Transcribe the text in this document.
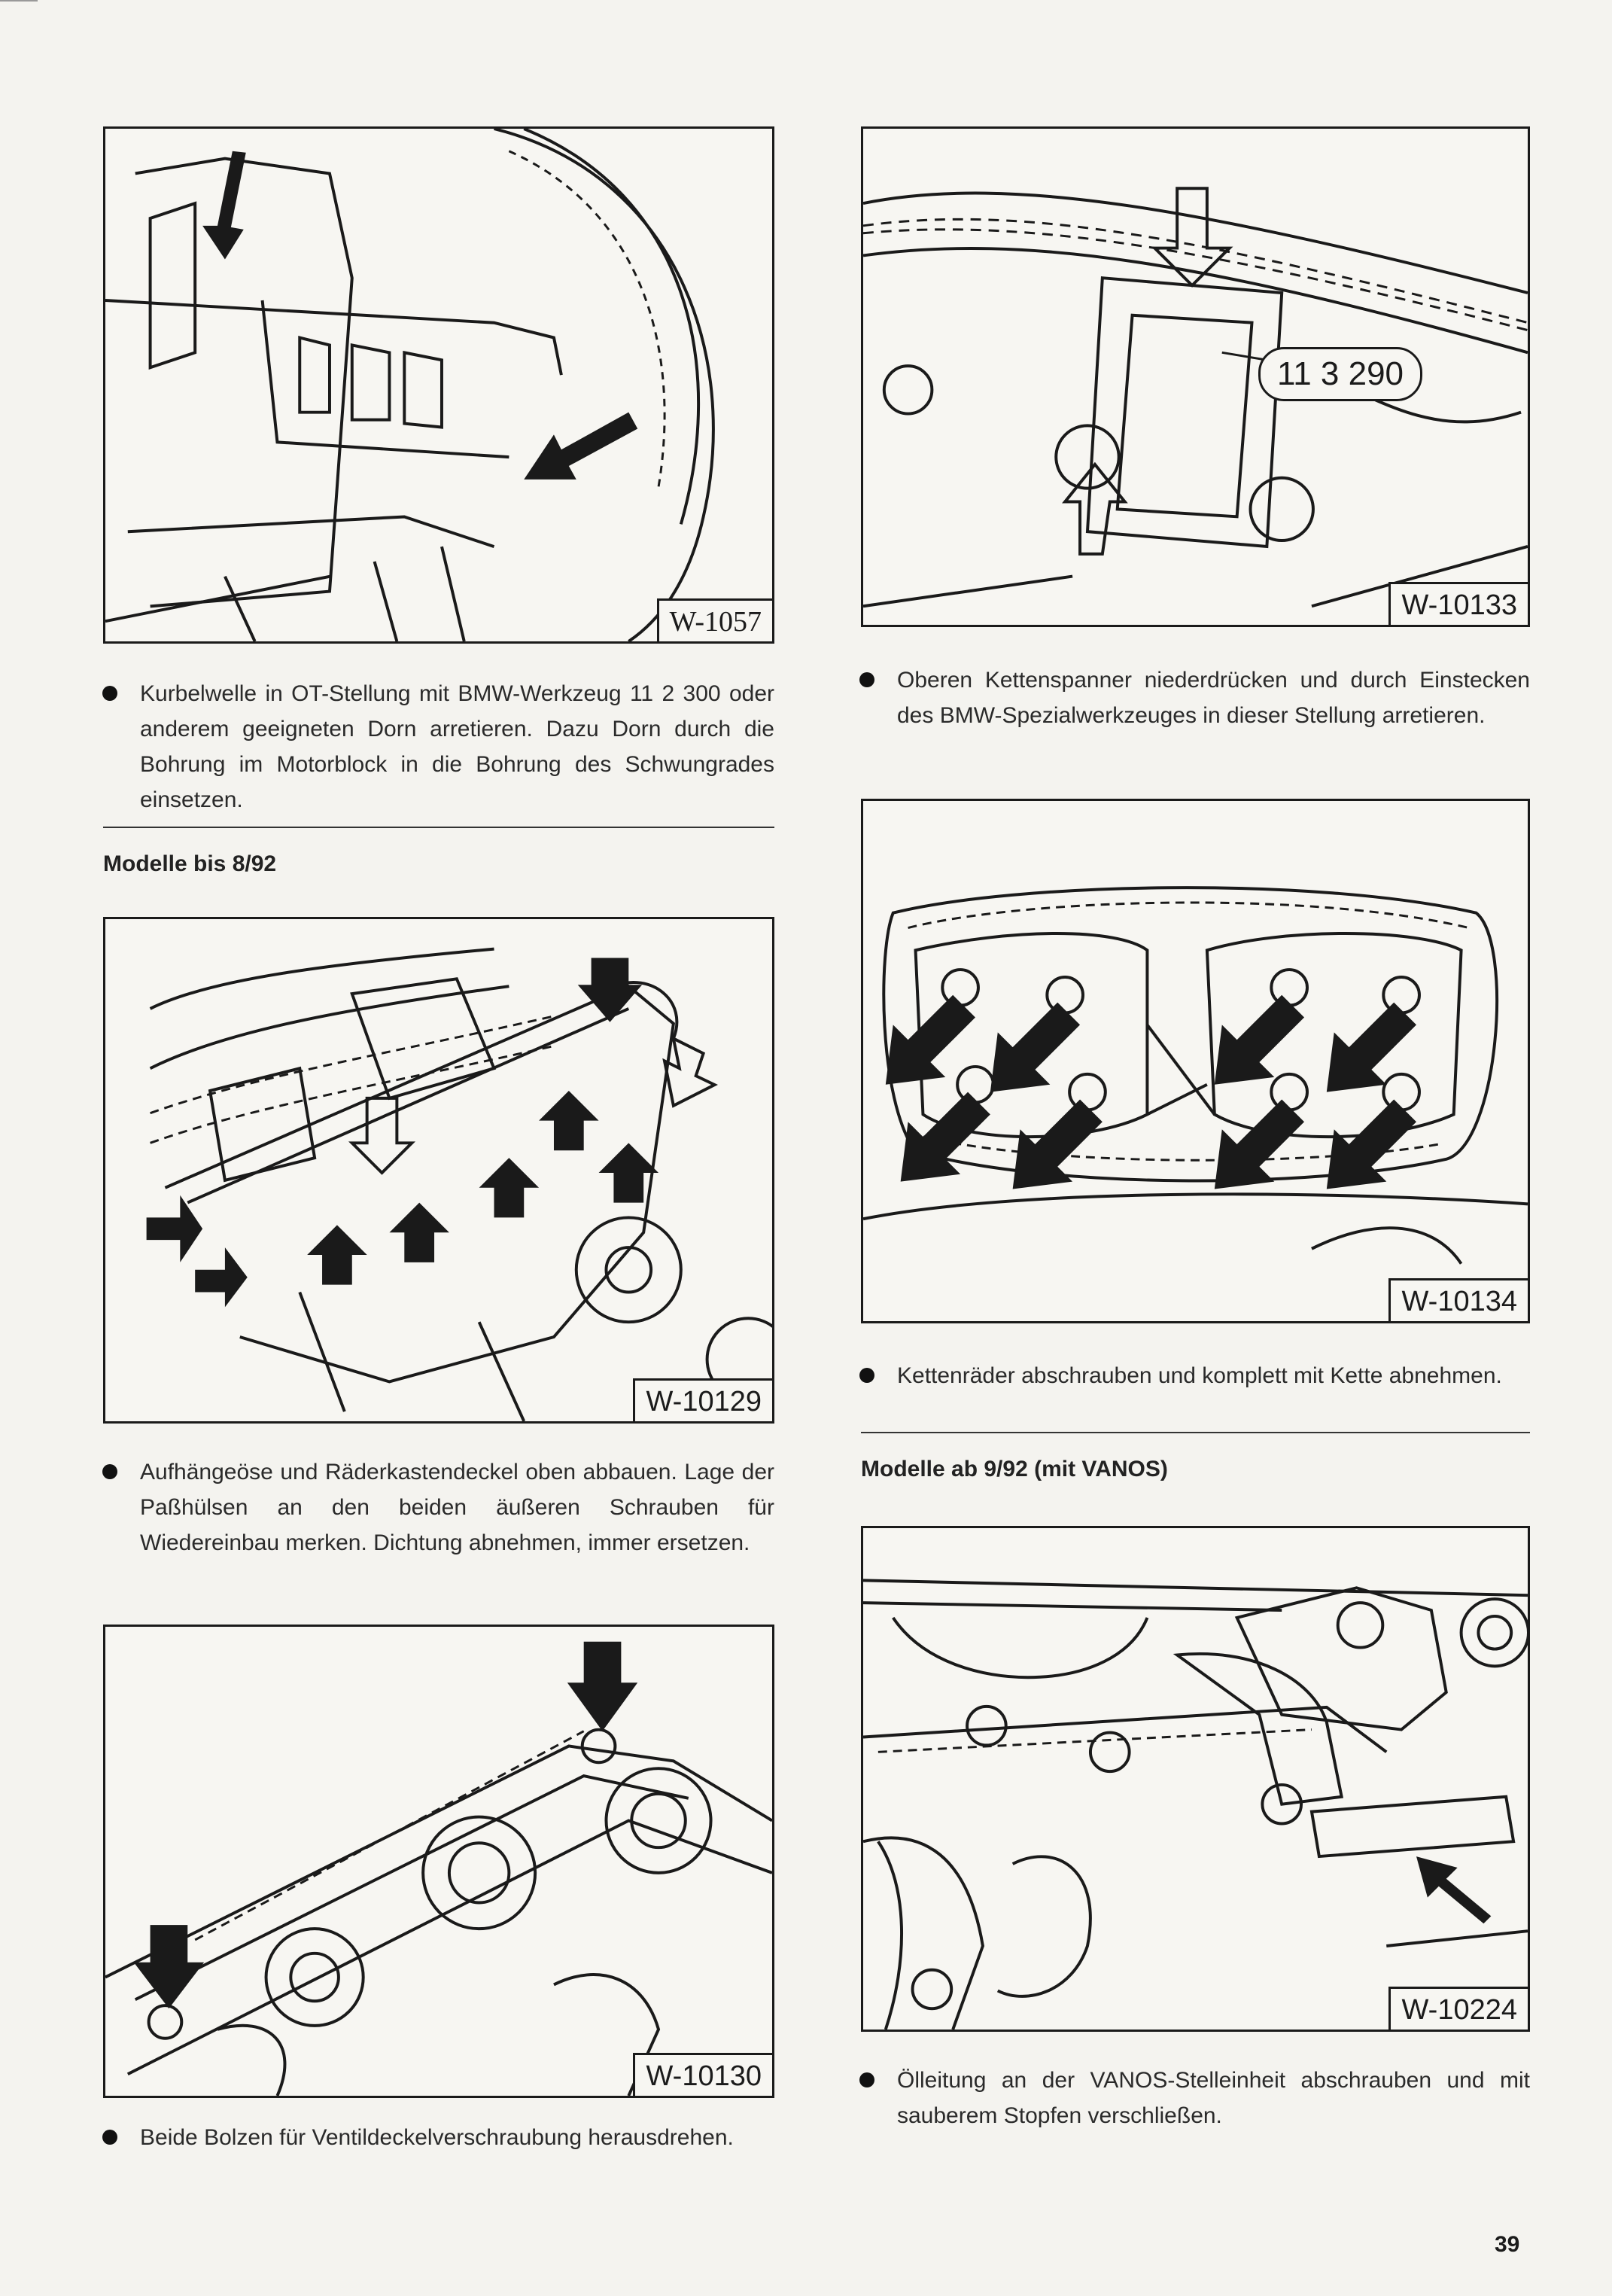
W-1057
Kurbelwelle in OT-Stellung mit BMW-Werkzeug 11 2 300 oder anderem geeigneten Dorn arretieren. Dazu Dorn durch die Bohrung im Motorblock in die Bohrung des Schwungrades einsetzen.
Modelle bis 8/92
W-10129
Aufhängeöse und Räderkastendeckel oben abbauen. Lage der Paßhülsen an den beiden äußeren Schrauben für Wiedereinbau merken. Dichtung abnehmen, immer ersetzen.
W-10130
Beide Bolzen für Ventildeckelverschraubung herausdrehen.
11 3 290
W-10133
Oberen Kettenspanner niederdrücken und durch Einstecken des BMW-Spezialwerkzeuges in dieser Stellung arretieren.
W-10134
Kettenräder abschrauben und komplett mit Kette abnehmen.
Modelle ab 9/92 (mit VANOS)
W-10224
Ölleitung an der VANOS-Stelleinheit abschrauben und mit sauberem Stopfen verschließen.
39
